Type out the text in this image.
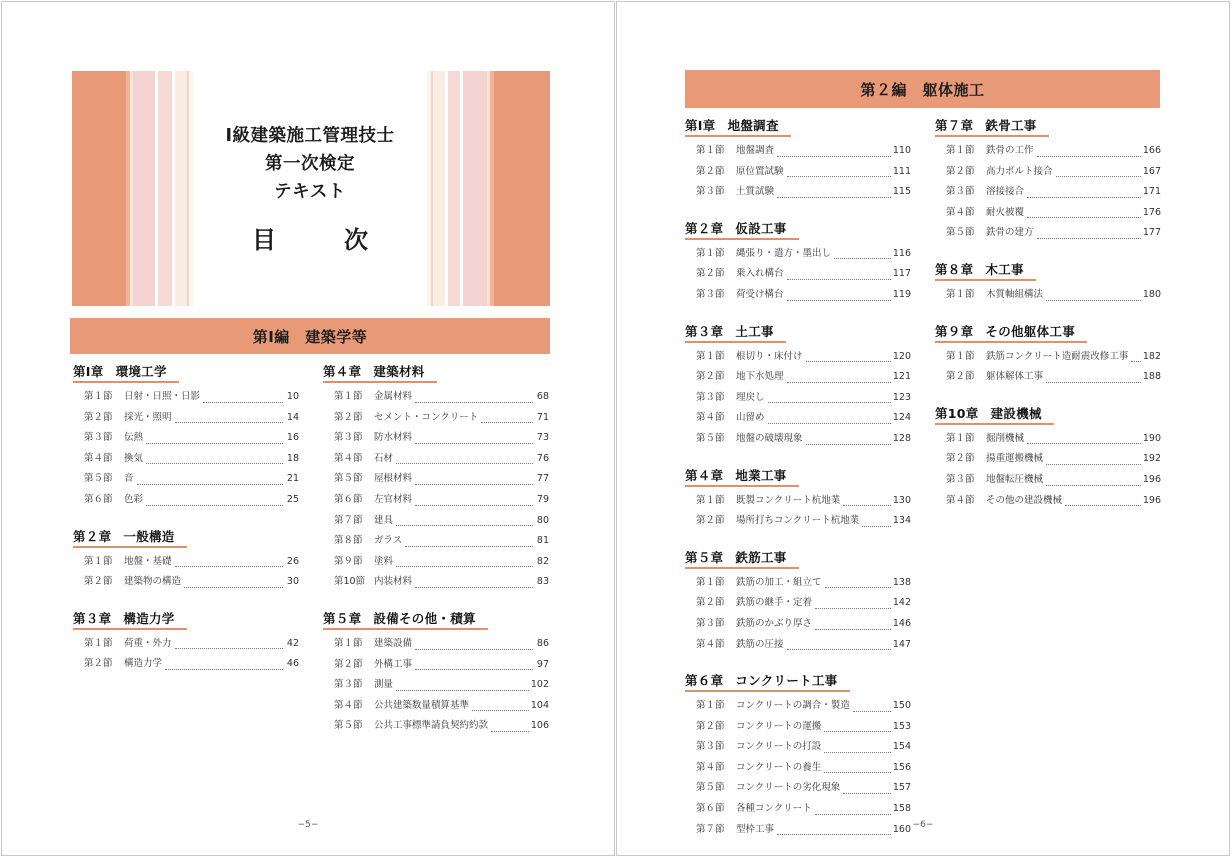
Ⅰ級建築施工管理技士
第一次検定
テキスト
目　次
第Ⅰ編　建築学等
第Ⅰ章 環境工学
第１節	日射・日照・日影	10
第２節	採光・照明	14
第３節	伝熱	16
第４節	換気	18
第５節	音	21
第６節	色彩	25
第２章 一般構造
第１節	地盤・基礎	26
第２節	建築物の構造	30
第３章 構造力学
第１節	荷重・外力	42
第２節	構造力学	46
第４章 建築材料
第１節	金属材料	68
第２節	セメント・コンクリート	71
第３節	防水材料	73
第４節	石材	76
第５節	屋根材料	77
第６節	左官材料	79
第７節	建具	80
第８節	ガラス	81
第９節	塗料	82
第10節 内装材料	83
第５章 設備その他・積算
第１節	建築設備	86
第２節	外構工事	97
第３節	測量	102
第４節	公共建築数量積算基準	104
第５節	公共工事標準請負契約約款	106
−5−
第２編　躯体施工
第Ⅰ章 地盤調査
第１節	地盤調査	110
第２節	原位置試験	111
第３節	土質試験	115
第２章 仮設工事
第１節	縄張り・遣方・墨出し	116
第２節	乗入れ構台	117
第３節	荷受け構台	119
第３章 土工事
第１節	根切り・床付け	120
第２節	地下水処理	121
第３節	埋戻し	123
第４節	山留め	124
第５節	地盤の破壊現象	128
第４章 地業工事
第１節	既製コンクリート杭地業	130
第２節	場所打ちコンクリート杭地業	134
第５章 鉄筋工事
第１節	鉄筋の加工・組立て	138
第２節	鉄筋の継手・定着	142
第３節	鉄筋のかぶり厚さ	146
第４節	鉄筋の圧接	147
第６章 コンクリート工事
第１節	コンクリートの調合・製造	150
第２節	コンクリートの運搬	153
第３節	コンクリートの打設	154
第４節	コンクリートの養生	156
第５節	コンクリートの劣化現象	157
第６節	各種コンクリート	158
第７節	型枠工事	160
第７章 鉄骨工事
第１節	鉄骨の工作	166
第２節	高力ボルト接合	167
第３節	溶接接合	171
第４節	耐火被覆	176
第５節	鉄骨の建方	177
第８章 木工事
第１節	木質軸組構法	180
第９章 その他躯体工事
第１節	鉄筋コンクリート造耐震改修工事 182
第２節	躯体解体工事	188
第10章 建設機械
第１節	掘削機械	190
第２節	揚重運搬機械	192
第３節	地盤転圧機械	196
第４節	その他の建設機械	196
−6−
